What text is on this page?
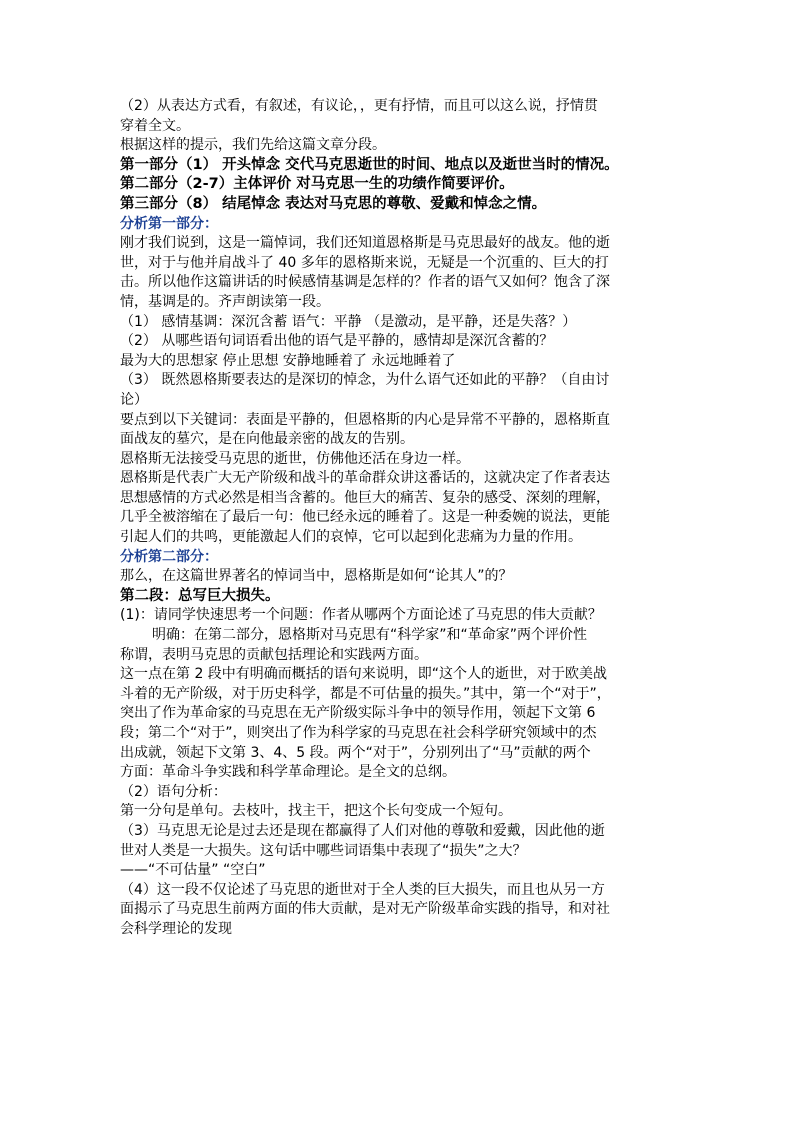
（2）从表达方式看，有叙述，有议论，，更有抒情，而且可以这么说，抒情贯
穿着全文。
根据这样的提示，我们先给这篇文章分段。
第一部分（1） 开头悼念 交代马克思逝世的时间、地点以及逝世当时的情况。
第二部分（2-7）主体评价 对马克思一生的功绩作简要评价。
第三部分（8） 结尾悼念 表达对马克思的尊敬、爱戴和悼念之情。
分析第一部分：
刚才我们说到，这是一篇悼词，我们还知道恩格斯是马克思最好的战友。他的逝
世，对于与他并肩战斗了 40 多年的恩格斯来说，无疑是一个沉重的、巨大的打
击。所以他作这篇讲话的时候感情基调是怎样的？作者的语气又如何？饱含了深
情，基调是的。齐声朗读第一段。
（1） 感情基调：深沉含蓄 语气：平静 （是激动，是平静，还是失落？）
（2） 从哪些语句词语看出他的语气是平静的，感情却是深沉含蓄的？
最为大的思想家 停止思想 安静地睡着了 永远地睡着了
（3） 既然恩格斯要表达的是深切的悼念，为什么语气还如此的平静？（自由讨
论）
要点到以下关键词：表面是平静的，但恩格斯的内心是异常不平静的，恩格斯直
面战友的墓穴，是在向他最亲密的战友的告别。
恩格斯无法接受马克思的逝世，仿佛他还活在身边一样。
恩格斯是代表广大无产阶级和战斗的革命群众讲这番话的，这就决定了作者表达
思想感情的方式必然是相当含蓄的。他巨大的痛苦、复杂的感受、深刻的理解，
几乎全被溶缩在了最后一句：他已经永远的睡着了。这是一种委婉的说法，更能
引起人们的共鸣，更能激起人们的哀悼，它可以起到化悲痛为力量的作用。
分析第二部分：
那么，在这篇世界著名的悼词当中，恩格斯是如何“论其人”的？
第二段：总写巨大损失。
(1)：请同学快速思考一个问题：作者从哪两个方面论述了马克思的伟大贡献？
明确：在第二部分，恩格斯对马克思有“科学家”和“革命家”两个评价性
称谓，表明马克思的贡献包括理论和实践两方面。
这一点在第 2 段中有明确而概括的语句来说明，即“这个人的逝世，对于欧美战
斗着的无产阶级，对于历史科学，都是不可估量的损失。”其中，第一个“对于”，
突出了作为革命家的马克思在无产阶级实际斗争中的领导作用，领起下文第 6
段；第二个“对于”，则突出了作为科学家的马克思在社会科学研究领域中的杰
出成就，领起下文第 3、4、5 段。两个“对于”，分别列出了“马”贡献的两个
方面：革命斗争实践和科学革命理论。是全文的总纲。
（2）语句分析：
第一分句是单句。去枝叶，找主干，把这个长句变成一个短句。
（3）马克思无论是过去还是现在都赢得了人们对他的尊敬和爱戴，因此他的逝
世对人类是一大损失。这句话中哪些词语集中表现了“损失”之大？
——“不可估量” “空白”
（4）这一段不仅论述了马克思的逝世对于全人类的巨大损失，而且也从另一方
面揭示了马克思生前两方面的伟大贡献，是对无产阶级革命实践的指导，和对社
会科学理论的发现
